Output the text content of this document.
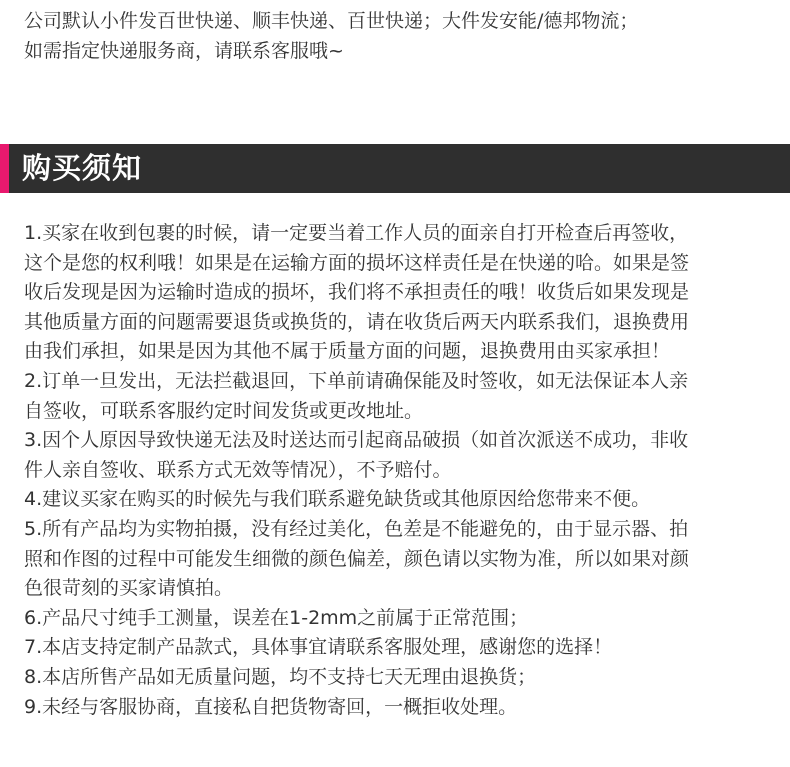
公司默认小件发百世快递、顺丰快递、百世快递；大件发安能/德邦物流；

如需指定快递服务商，请联系客服哦~

购买须知

1.买家在收到包裹的时候，请一定要当着工作人员的面亲自打开检查后再签收，

这个是您的权利哦！如果是在运输方面的损坏这样责任是在快递的哈。如果是签

收后发现是因为运输时造成的损坏，我们将不承担责任的哦！收货后如果发现是

其他质量方面的问题需要退货或换货的，请在收货后两天内联系我们，退换费用

由我们承担，如果是因为其他不属于质量方面的问题，退换费用由买家承担！

2.订单一旦发出，无法拦截退回，下单前请确保能及时签收，如无法保证本人亲

自签收，可联系客服约定时间发货或更改地址。

3.因个人原因导致快递无法及时送达而引起商品破损（如首次派送不成功，非收

件人亲自签收、联系方式无效等情况），不予赔付。

4.建议买家在购买的时候先与我们联系避免缺货或其他原因给您带来不便。

5.所有产品均为实物拍摄，没有经过美化，色差是不能避免的，由于显示器、拍

照和作图的过程中可能发生细微的颜色偏差，颜色请以实物为准，所以如果对颜

色很苛刻的买家请慎拍。

6.产品尺寸纯手工测量，误差在1-2mm之前属于正常范围；

7.本店支持定制产品款式，具体事宜请联系客服处理，感谢您的选择！

8.本店所售产品如无质量问题，均不支持七天无理由退换货；

9.未经与客服协商，直接私自把货物寄回，一概拒收处理。
